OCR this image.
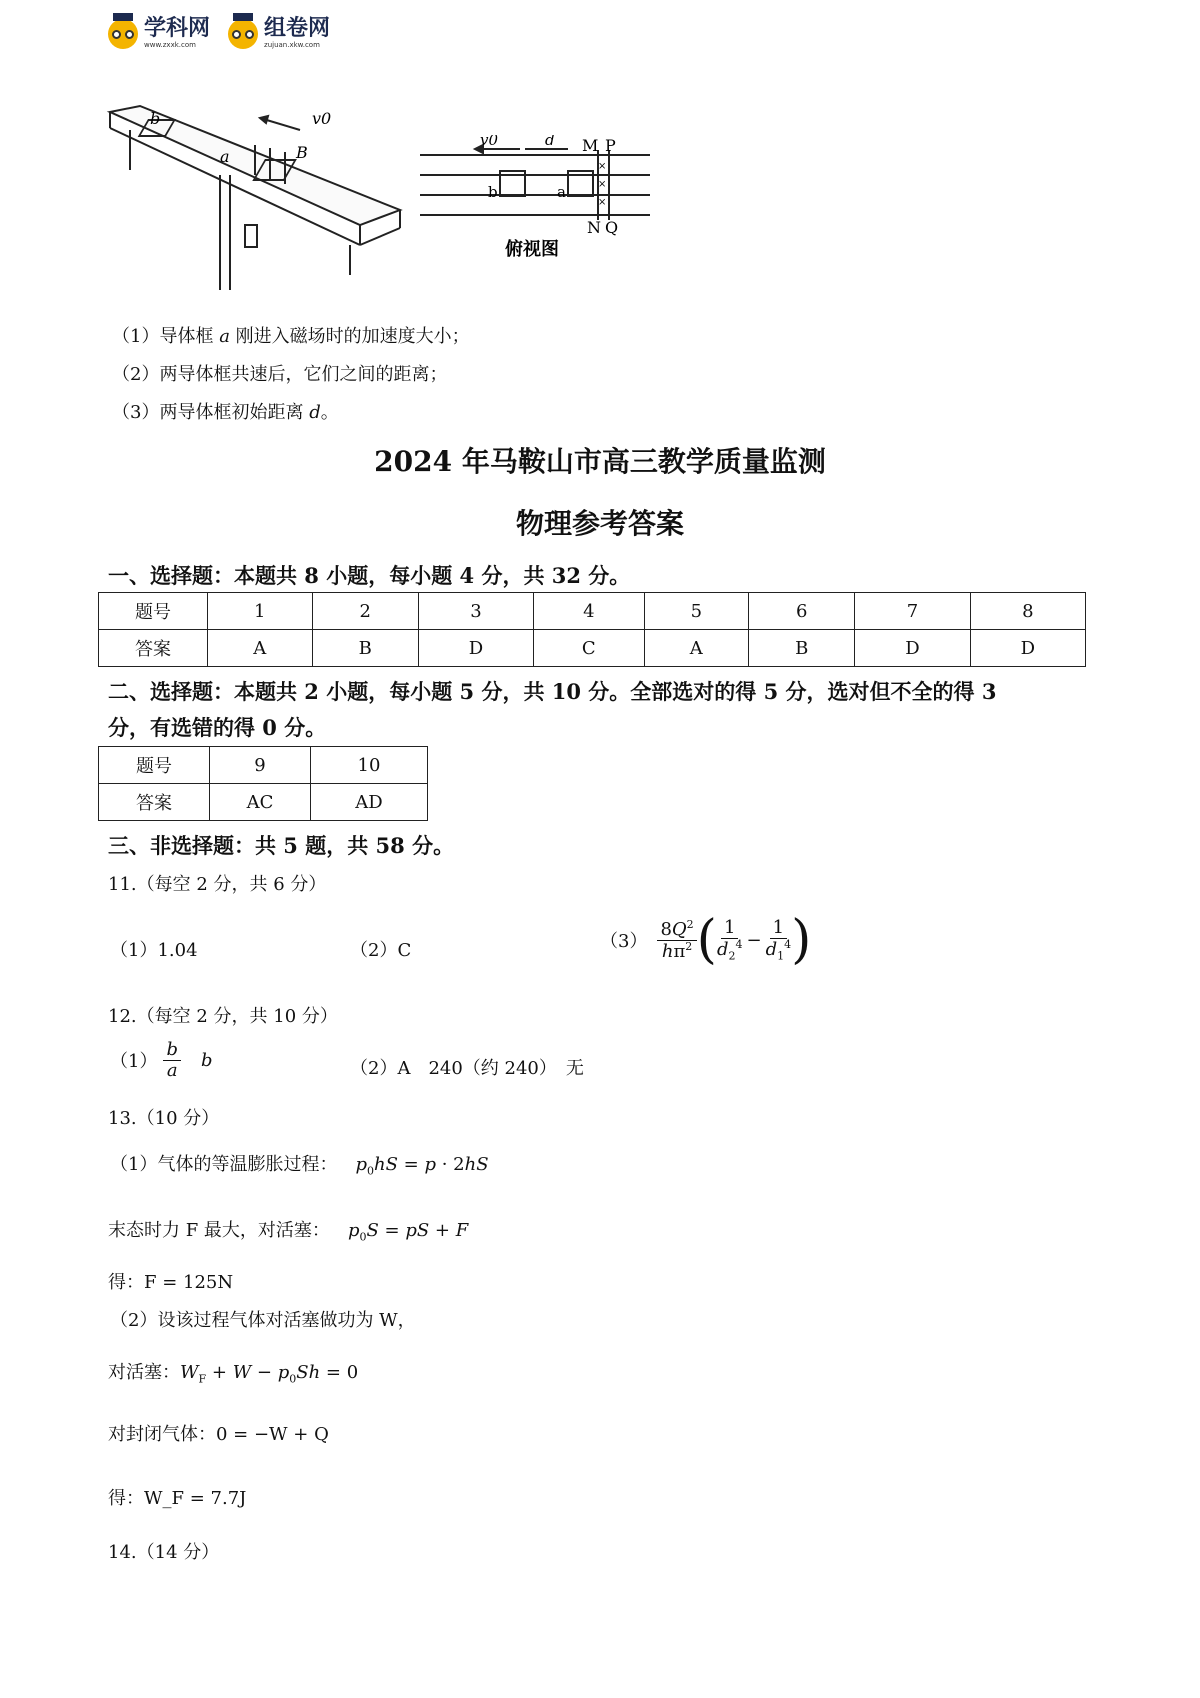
学科网
www.zxxk.com
组卷网
zujuan.xkw.com
b
a
v0
B
×
×
×
v0	d M P
N Q
a
b
俯视图
（1）导体框 a 刚进入磁场时的加速度大小；
（2）两导体框共速后，它们之间的距离；
（3）两导体框初始距离 d。
2024 年马鞍山市高三教学质量监测
物理参考答案
一、选择题：本题共 8 小题，每小题 4 分，共 32 分。
题号	1	2	3	4	5	6	7	8
答案	A	B	D	C	A	B	D	D
二、选择题：本题共 2 小题，每小题 5 分，共 10 分。全部选对的得 5 分，选对但不全的得 3
分，有选错的得 0 分。
题号	9	10
答案	AC	AD
三、非选择题：共 5 题，共 58 分。
11.（每空 2 分，共 6 分）
（1）1.04	（2）C	$(3) \frac{8Q^2}{h\pi^2}$ ( $\frac{1}{d_2^4} - \frac{1}{d_1^4}$ )
12.（每空 2 分，共 10 分）
$(1) \frac{b}{a}$ b	（2）A　240（约 240）　无
13.（10 分）
（1）气体的等温膨胀过程： $p_0hS = p \cdot 2hS$
末态时力 F 最大，对活塞： $p_0S$ = pS + F
得：F = 125N
（2）设该过程气体对活塞做功为 W，
对活塞：$W_F + W - p_0Sh = 0$
对封闭气体：0 = −W + Q
得：W_F = 7.7J
14.（14 分）
